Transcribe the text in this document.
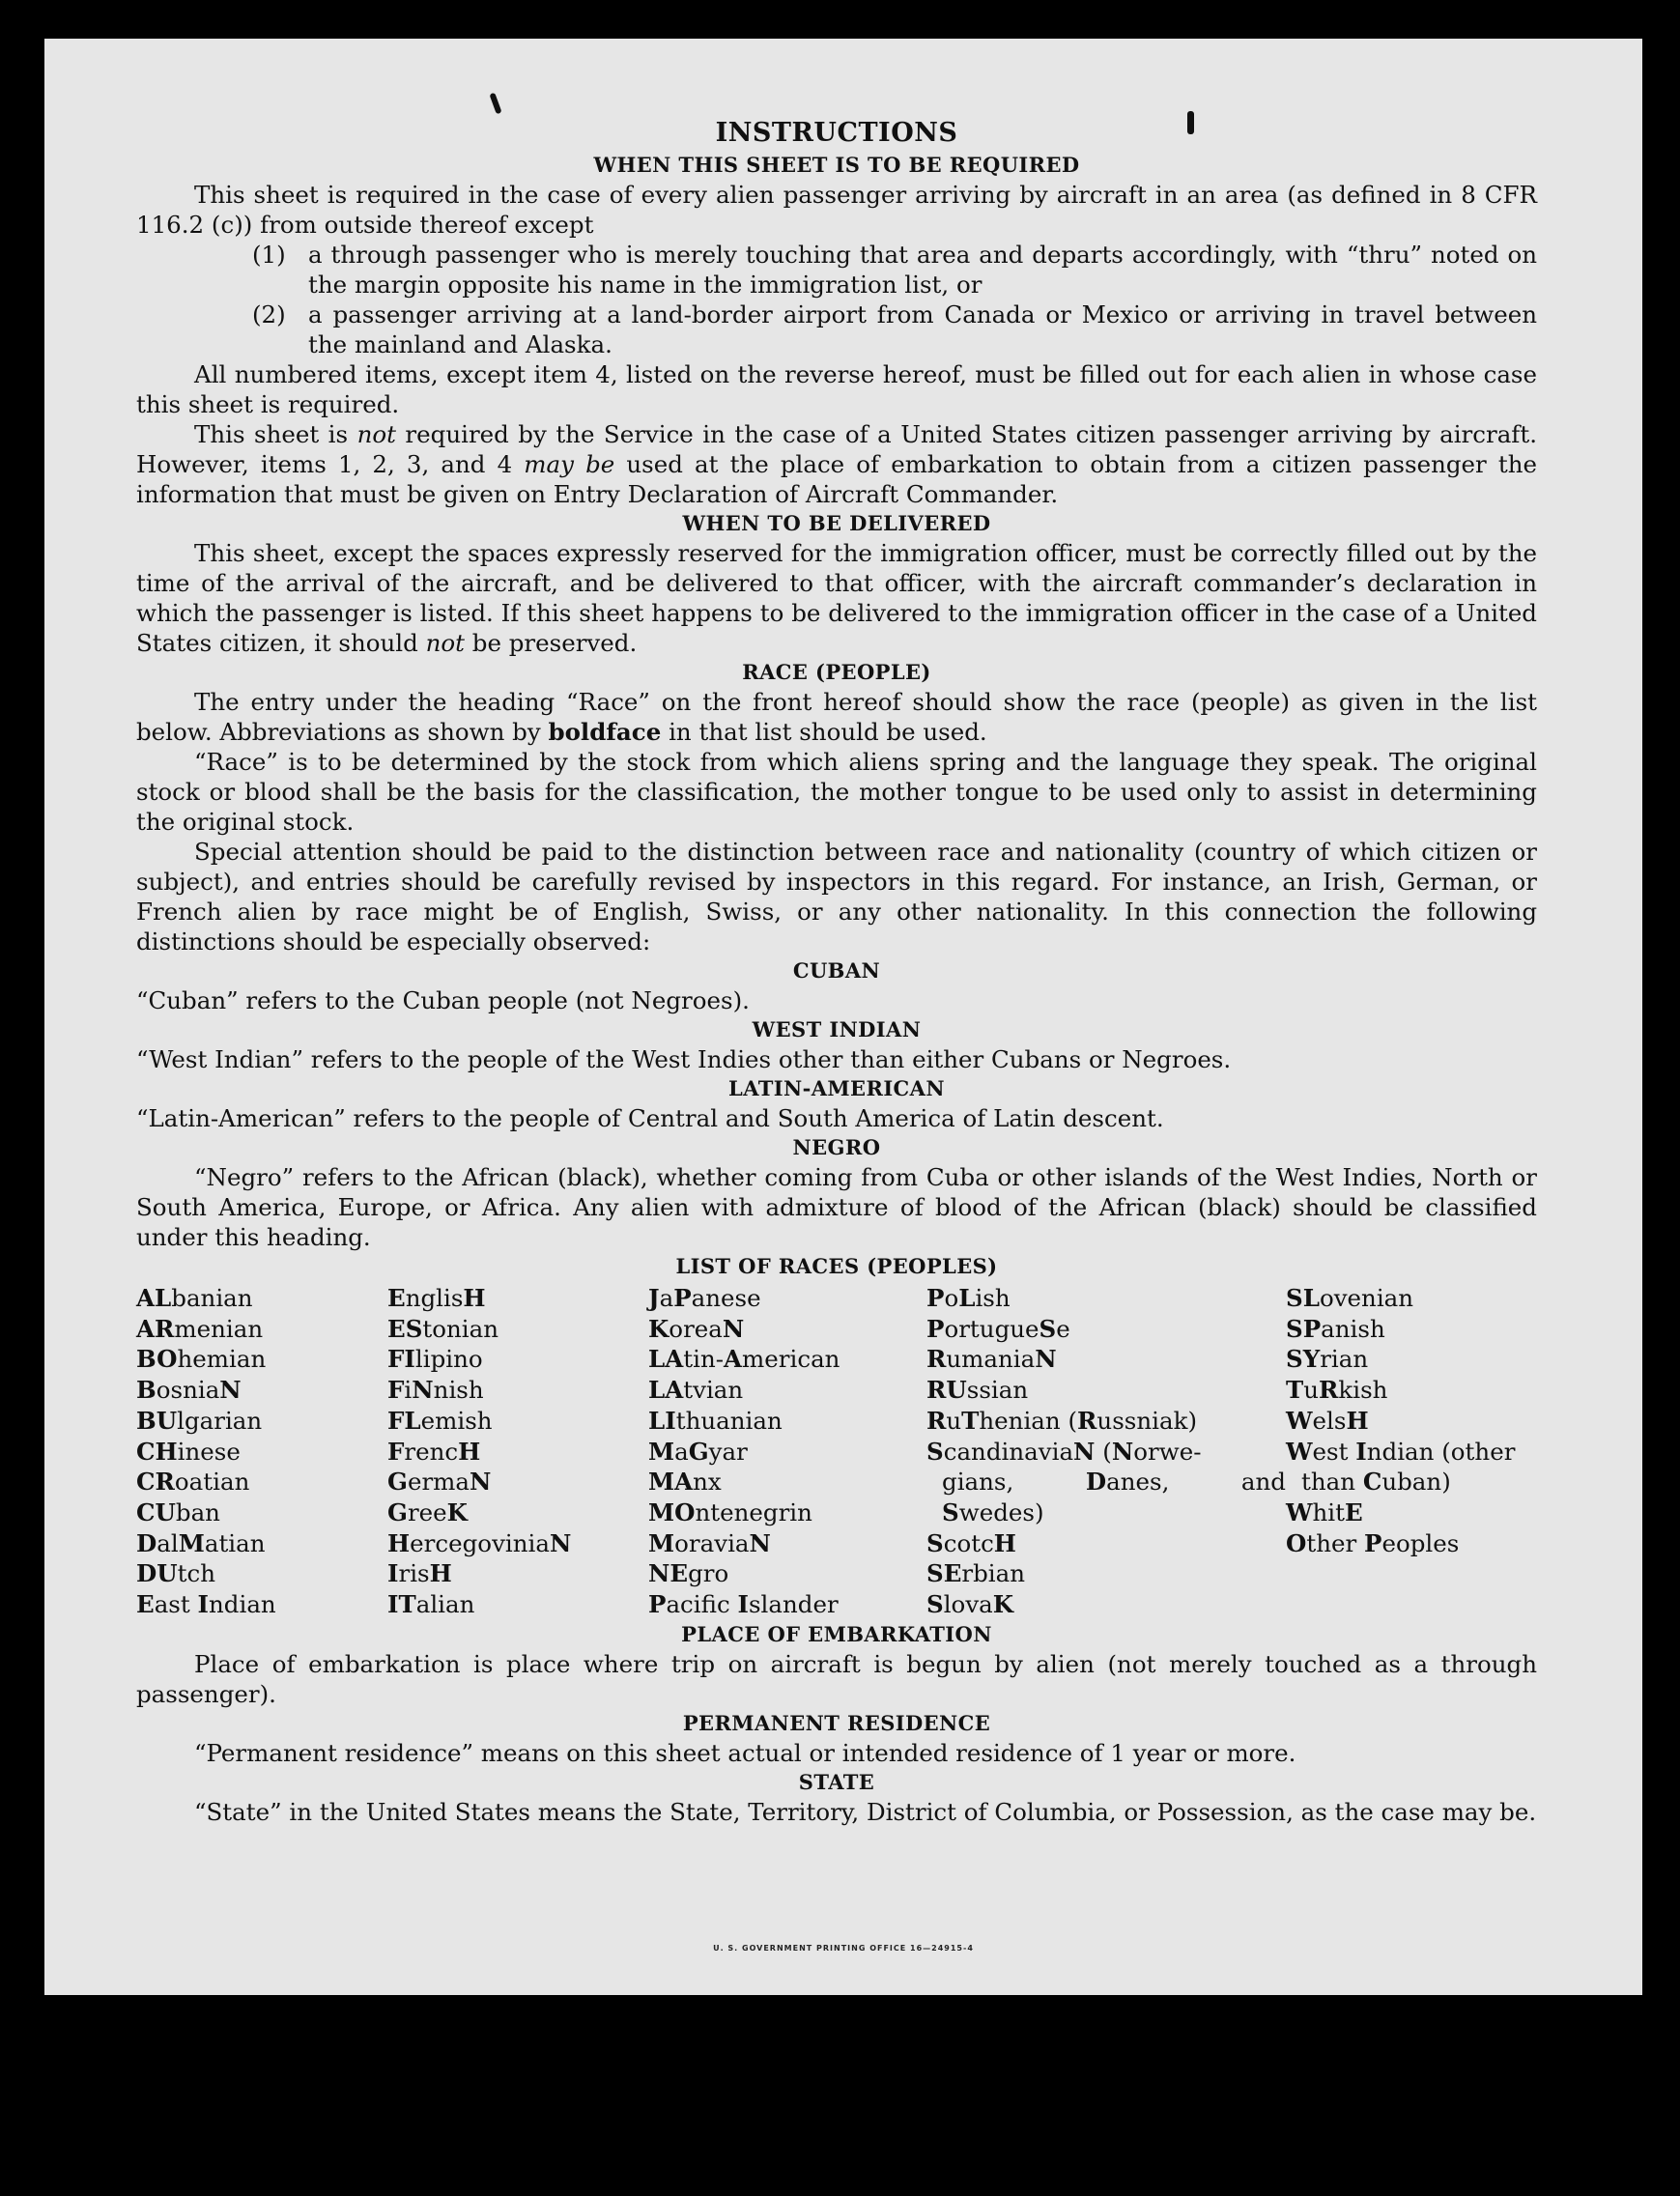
INSTRUCTIONS
WHEN THIS SHEET IS TO BE REQUIRED

This sheet is required in the case of every alien passenger arriving by aircraft in an area (as defined in 8 CFR 116.2 (c)) from outside thereof except

(1) a through passenger who is merely touching that area and departs accordingly, with “thru” noted on the margin opposite his name in the immigration list, or
(2) a passenger arriving at a land-border airport from Canada or Mexico or arriving in travel between the mainland and Alaska.

All numbered items, except item 4, listed on the reverse hereof, must be filled out for each alien in whose case this sheet is required.

This sheet is not required by the Service in the case of a United States citizen passenger arriving by aircraft. However, items 1, 2, 3, and 4 may be used at the place of embarkation to obtain from a citizen passenger the information that must be given on Entry Declaration of Aircraft Commander.

WHEN TO BE DELIVERED

This sheet, except the spaces expressly reserved for the immigration officer, must be correctly filled out by the time of the arrival of the aircraft, and be delivered to that officer, with the aircraft commander’s declaration in which the passenger is listed. If this sheet happens to be delivered to the immigration officer in the case of a United States citizen, it should not be preserved.

RACE (PEOPLE)

The entry under the heading “Race” on the front hereof should show the race (people) as given in the list below. Abbreviations as shown by boldface in that list should be used.

“Race” is to be determined by the stock from which aliens spring and the language they speak. The original stock or blood shall be the basis for the classification, the mother tongue to be used only to assist in determining the original stock.

Special attention should be paid to the distinction between race and nationality (country of which citizen or subject), and entries should be carefully revised by inspectors in this regard. For instance, an Irish, German, or French alien by race might be of English, Swiss, or any other nationality. In this connection the following distinctions should be especially observed:

CUBAN

“Cuban” refers to the Cuban people (not Negroes).

WEST INDIAN

“West Indian” refers to the people of the West Indies other than either Cubans or Negroes.

LATIN-AMERICAN

“Latin-American” refers to the people of Central and South America of Latin descent.

NEGRO

“Negro” refers to the African (black), whether coming from Cuba or other islands of the West Indies, North or South America, Europe, or Africa. Any alien with admixture of blood of the African (black) should be classified under this heading.

LIST OF RACES (PEOPLES)
ALbanian
ARmenian
BOhemian
BosniaN
BUlgarian
CHinese
CRoatian
CUban
DalMatian
DUtch
East Indian
EnglisH
EStonian
FIlipino
FiNnish
FLemish
FrencH
GermaN
GreeK
HercegoviniaN
IrisH
ITalian
JaPanese
KoreaN
LAtin-American
LAtvian
LIthuanian
MaGyar
MAnx
MOntenegrin
MoraviaN
NEgro
Pacifc Islander
PoLish
PortugueSe
RumaniaN
RUssian
RuThenian (Russniak)
ScandinaviaN (Norwe-
gians,	Danes,	and
Swedes)
ScotcH
SErbian
SlovaK
SLovenian
SPanish
SYrian
TuRkish
WelsH
West Indian (other
than Cuban)
WhitE
Other Peoples
PLACE OF EMBARKATION

Place of embarkation is place where trip on aircraft is begun by alien (not merely touched as a through passenger).

PERMANENT RESIDENCE

“Permanent residence” means on this sheet actual or intended residence of 1 year or more.

STATE

“State” in the United States means the State, Territory, District of Columbia, or Possession, as the case may be.

U. S. GOVERNMENT PRINTING OFFICE 16—24915-4
